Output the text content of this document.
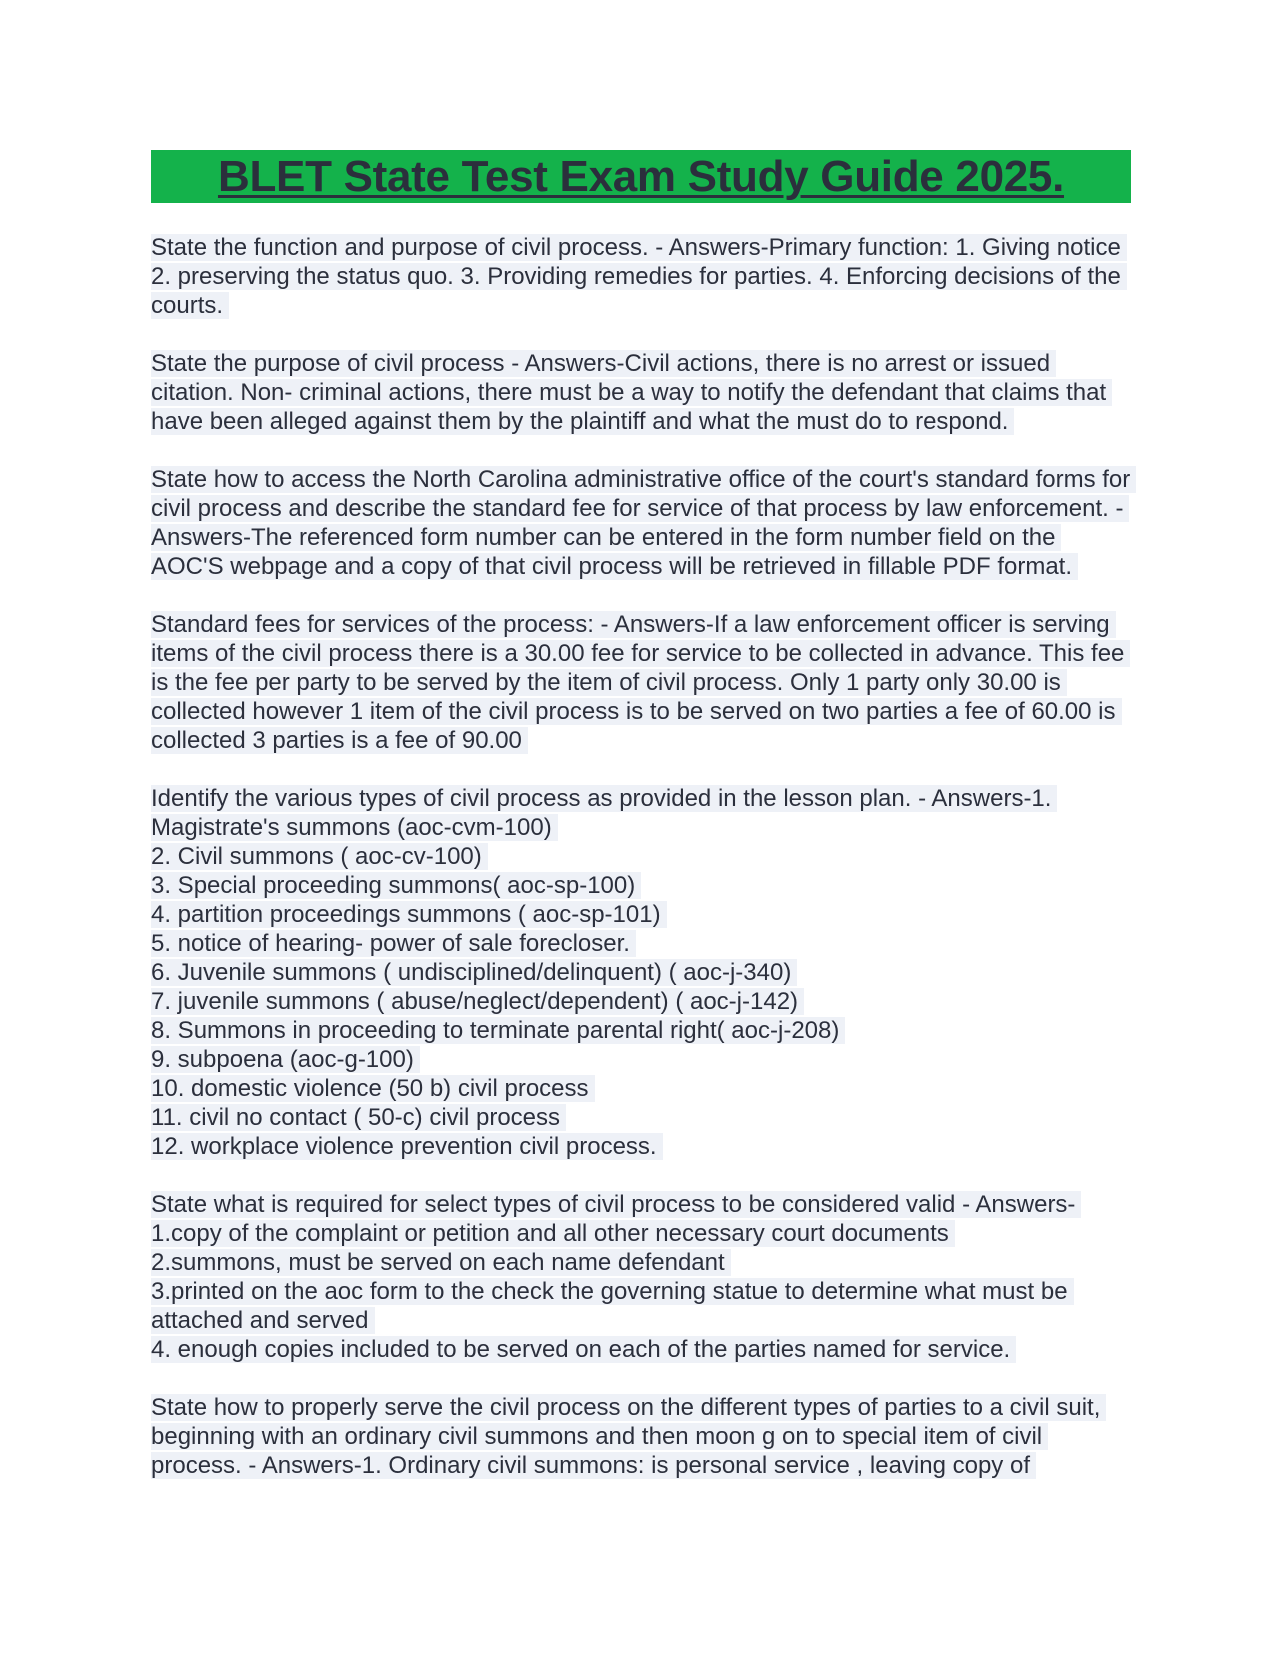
BLET State Test Exam Study Guide 2025.

State the function and purpose of civil process. - Answers-Primary function: 1. Giving notice 2. preserving the status quo. 3. Providing remedies for parties. 4. Enforcing decisions of the courts.

State the purpose of civil process - Answers-Civil actions, there is no arrest or issued citation. Non- criminal actions, there must be a way to notify the defendant that claims that have been alleged against them by the plaintiff and what the must do to respond.

State how to access the North Carolina administrative office of the court's standard forms for civil process and describe the standard fee for service of that process by law enforcement. - Answers-The referenced form number can be entered in the form number field on the AOC'S webpage and a copy of that civil process will be retrieved in fillable PDF format.

Standard fees for services of the process: - Answers-If a law enforcement officer is serving items of the civil process there is a 30.00 fee for service to be collected in advance. This fee is the fee per party to be served by the item of civil process. Only 1 party only 30.00 is collected however 1 item of the civil process is to be served on two parties a fee of 60.00 is collected 3 parties is a fee of 90.00

Identify the various types of civil process as provided in the lesson plan. - Answers-1. Magistrate's summons (aoc-cvm-100)
2. Civil summons ( aoc-cv-100)
3. Special proceeding summons( aoc-sp-100)
4. partition proceedings summons ( aoc-sp-101)
5. notice of hearing- power of sale forecloser.
6. Juvenile summons ( undisciplined/delinquent) ( aoc-j-340)
7. juvenile summons ( abuse/neglect/dependent) ( aoc-j-142)
8. Summons in proceeding to terminate parental right( aoc-j-208)
9. subpoena (aoc-g-100)
10. domestic violence (50 b) civil process
11. civil no contact ( 50-c) civil process
12. workplace violence prevention civil process.
State what is required for select types of civil process to be considered valid - Answers-
1.copy of the complaint or petition and all other necessary court documents
2.summons, must be served on each name defendant
3.printed on the aoc form to the check the governing statue to determine what must be attached and served
4. enough copies included to be served on each of the parties named for service.

State how to properly serve the civil process on the different types of parties to a civil suit, beginning with an ordinary civil summons and then moon g on to special item of civil process. - Answers-1. Ordinary civil summons: is personal service , leaving copy of
